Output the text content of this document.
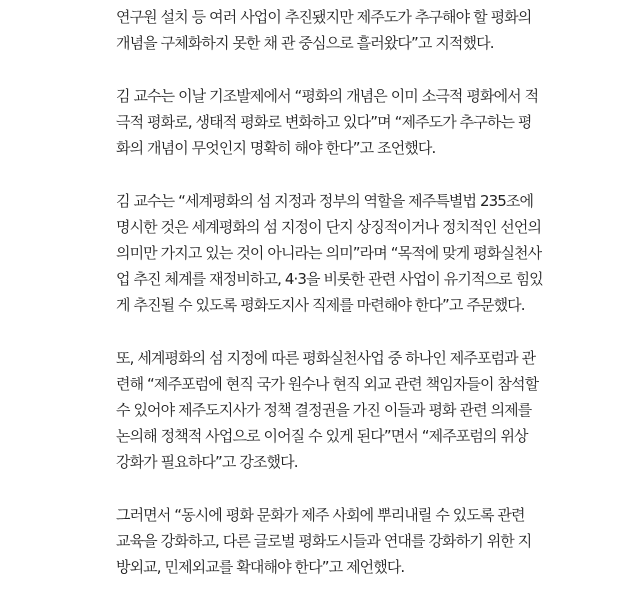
연구원 설치 등 여러 사업이 추진됐지만 제주도가 추구해야 할 평화의
개념을 구체화하지 못한 채 관 중심으로 흘러왔다”고 지적했다.

김 교수는 이날 기조발제에서 “평화의 개념은 이미 소극적 평화에서 적
극적 평화로, 생태적 평화로 변화하고 있다”며 “제주도가 추구하는 평
화의 개념이 무엇인지 명확히 해야 한다”고 조언했다.

김 교수는 “세계평화의 섬 지정과 정부의 역할을 제주특별법 235조에
명시한 것은 세계평화의 섬 지정이 단지 상징적이거나 정치적인 선언의
의미만 가지고 있는 것이 아니라는 의미”라며 “목적에 맞게 평화실천사
업 추진 체계를 재정비하고, 4·3을 비롯한 관련 사업이 유기적으로 힘있
게 추진될 수 있도록 평화도지사 직제를 마련해야 한다”고 주문했다.

또, 세계평화의 섬 지정에 따른 평화실천사업 중 하나인 제주포럼과 관
련해 “제주포럼에 현직 국가 원수나 현직 외교 관련 책임자들이 참석할
수 있어야 제주도지사가 정책 결정권을 가진 이들과 평화 관련 의제를
논의해 정책적 사업으로 이어질 수 있게 된다”면서 “제주포럼의 위상
강화가 필요하다”고 강조했다.

그러면서 “동시에 평화 문화가 제주 사회에 뿌리내릴 수 있도록 관련
교육을 강화하고, 다른 글로벌 평화도시들과 연대를 강화하기 위한 지
방외교, 민제외교를 확대해야 한다”고 제언했다.
